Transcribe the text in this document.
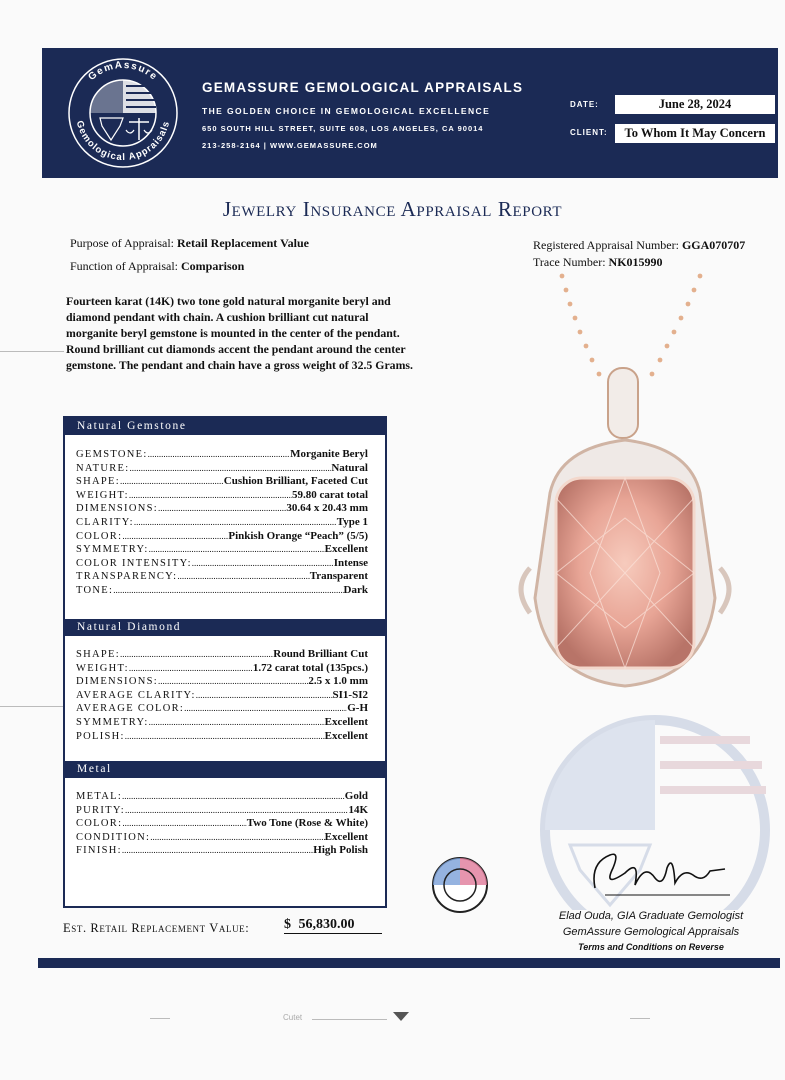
GemAssure
Gemological Appraisals
GEMASSURE GEMOLOGICAL APPRAISALS
THE GOLDEN CHOICE IN GEMOLOGICAL EXCELLENCE
650 SOUTH HILL STREET, SUITE 608, LOS ANGELES, CA 90014
213-258-2164 | WWW.GEMASSURE.COM
DATE:	June 28, 2024
CLIENT:	To Whom It May Concern
Jewelry Insurance Appraisal Report
Purpose of Appraisal: Retail Replacement Value
Function of Appraisal: Comparison
Registered Appraisal Number: GGA070707
Trace Number: NK015990
Fourteen karat (14K) two tone gold natural morganite beryl and diamond pendant with chain. A cushion brilliant cut natural morganite beryl gemstone is mounted in the center of the pendant. Round brilliant cut diamonds accent the pendant around the center gemstone. The pendant and chain have a gross weight of 32.5 Grams.
Natural Gemstone
GEMSTONE: .....	Morganite Beryl
NATURE: .....	Natural
SHAPE: .....	Cushion Brilliant, Faceted Cut
WEIGHT: .....	59.80 carat total
DIMENSIONS: .....	30.64 x 20.43 mm
CLARITY: .....	Type 1
COLOR: .....	Pinkish Orange “Peach” (5/5)
SYMMETRY: .....	Excellent
COLOR INTENSITY: .....	Intense
TRANSPARENCY: .....	Transparent
TONE: .....	Dark
Natural Diamond
SHAPE: .....	Round Brilliant Cut
WEIGHT: .....	1.72 carat total (135pcs.)
DIMENSIONS: .....	2.5 x 1.0 mm
AVERAGE CLARITY: .....	SI1-SI2
AVERAGE COLOR: .....	G-H
SYMMETRY: .....	Excellent
POLISH: .....	Excellent
Metal
METAL: .....	Gold
PURITY: .....	14K
COLOR: .....	Two Tone (Rose & White)
CONDITION: .....	Excellent
FINISH: .....	High Polish
Elad Ouda, GIA Graduate Gemologist
GemAssure Gemological Appraisals
Terms and Conditions on Reverse
Est. Retail Replacement Value: $ 56,830.00
Cutet
